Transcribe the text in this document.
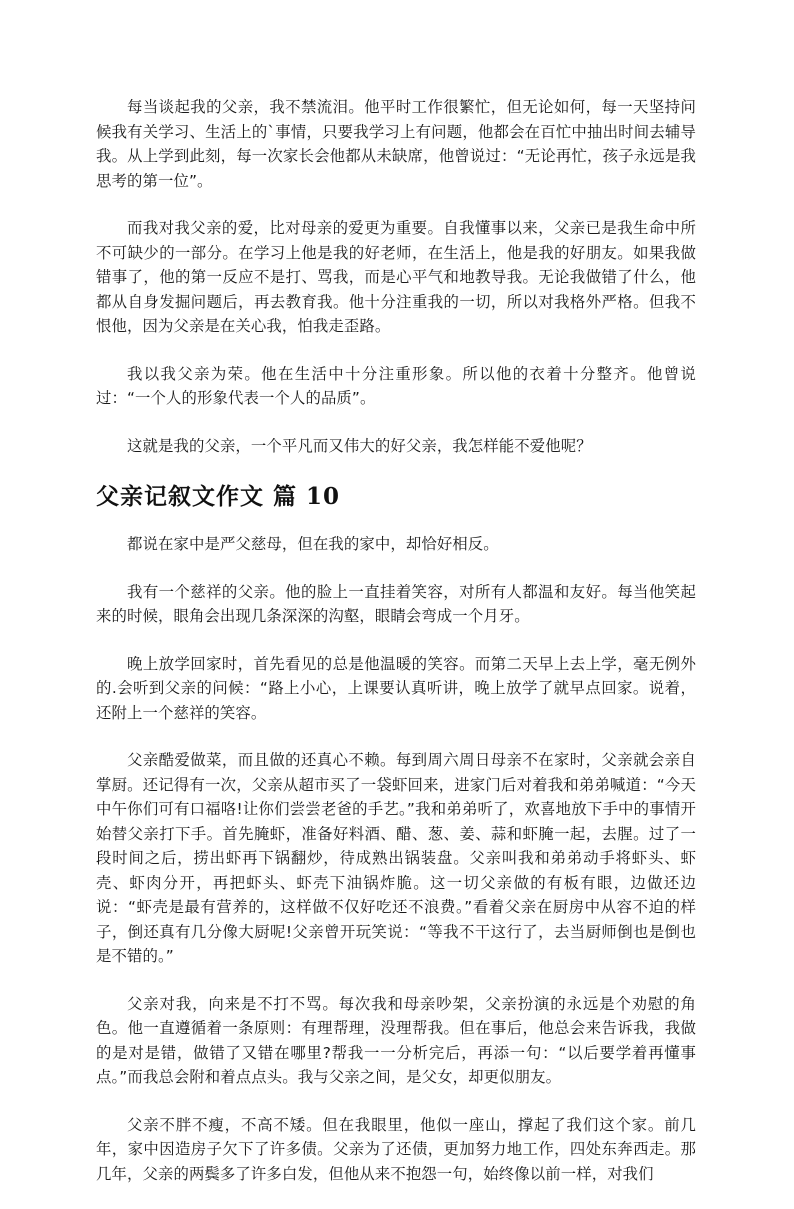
每当谈起我的父亲，我不禁流泪。他平时工作很繁忙，但无论如何，每一天坚持问候我有关学习、生活上的`事情，只要我学习上有问题，他都会在百忙中抽出时间去辅导我。从上学到此刻，每一次家长会他都从未缺席，他曾说过：“无论再忙，孩子永远是我思考的第一位”。

而我对我父亲的爱，比对母亲的爱更为重要。自我懂事以来，父亲已是我生命中所不可缺少的一部分。在学习上他是我的好老师，在生活上，他是我的好朋友。如果我做错事了，他的第一反应不是打、骂我，而是心平气和地教导我。无论我做错了什么，他都从自身发掘问题后，再去教育我。他十分注重我的一切，所以对我格外严格。但我不恨他，因为父亲是在关心我，怕我走歪路。

我以我父亲为荣。他在生活中十分注重形象。所以他的衣着十分整齐。他曾说过：“一个人的形象代表一个人的品质”。

这就是我的父亲，一个平凡而又伟大的好父亲，我怎样能不爱他呢？

父亲记叙文作文 篇 10

都说在家中是严父慈母，但在我的家中，却恰好相反。

我有一个慈祥的父亲。他的脸上一直挂着笑容，对所有人都温和友好。每当他笑起来的时候，眼角会出现几条深深的沟壑，眼睛会弯成一个月牙。

晚上放学回家时，首先看见的总是他温暖的笑容。而第二天早上去上学，毫无例外的.会听到父亲的问候：“路上小心，上课要认真听讲，晚上放学了就早点回家。说着，还附上一个慈祥的笑容。

父亲酷爱做菜，而且做的还真心不赖。每到周六周日母亲不在家时，父亲就会亲自掌厨。还记得有一次，父亲从超市买了一袋虾回来，进家门后对着我和弟弟喊道：“今天中午你们可有口福咯!让你们尝尝老爸的手艺。”我和弟弟听了，欢喜地放下手中的事情开始替父亲打下手。首先腌虾，准备好料酒、醋、葱、姜、蒜和虾腌一起，去腥。过了一段时间之后，捞出虾再下锅翻炒，待成熟出锅装盘。父亲叫我和弟弟动手将虾头、虾壳、虾肉分开，再把虾头、虾壳下油锅炸脆。这一切父亲做的有板有眼，边做还边说：“虾壳是最有营养的，这样做不仅好吃还不浪费。”看着父亲在厨房中从容不迫的样子，倒还真有几分像大厨呢!父亲曾开玩笑说：“等我不干这行了，去当厨师倒也是倒也是不错的。”

父亲对我，向来是不打不骂。每次我和母亲吵架，父亲扮演的永远是个劝慰的角色。他一直遵循着一条原则：有理帮理，没理帮我。但在事后，他总会来告诉我，我做的是对是错，做错了又错在哪里?帮我一一分析完后，再添一句：“以后要学着再懂事点。”而我总会附和着点点头。我与父亲之间，是父女，却更似朋友。

父亲不胖不瘦，不高不矮。但在我眼里，他似一座山，撑起了我们这个家。前几年，家中因造房子欠下了许多债。父亲为了还债，更加努力地工作，四处东奔西走。那几年，父亲的两鬓多了许多白发，但他从来不抱怨一句，始终像以前一样，对我们
